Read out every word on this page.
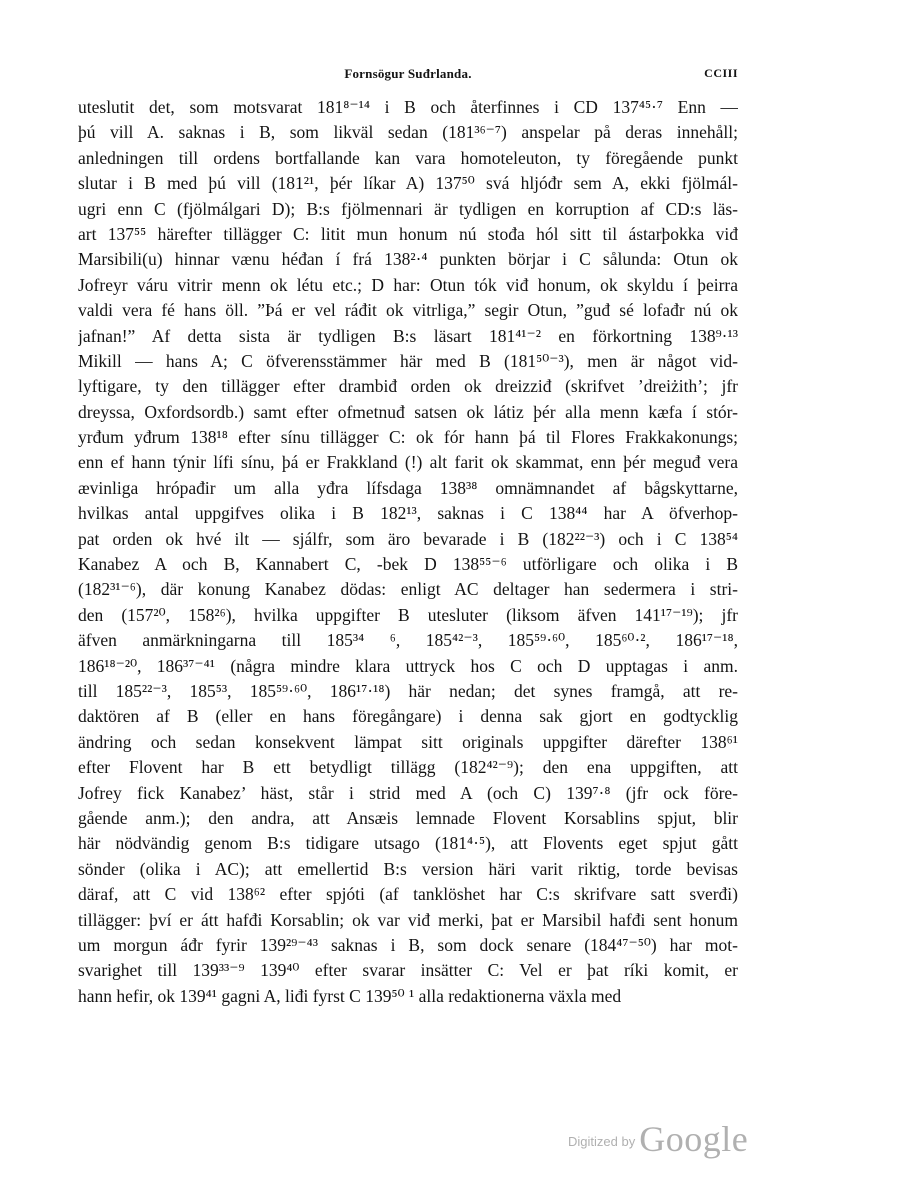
Fornsögur Suđrlanda.	CCIII
uteslutit det, som motsvarat 181⁸⁻¹⁴ i B och återfinnes i CD 137⁴⁵·⁷ Enn —
þú vill A. saknas i B, som likväl sedan (181³⁶⁻⁷) anspelar på deras innehåll;
anledningen till ordens bortfallande kan vara homoteleuton, ty föregående punkt
slutar i B med þú vill (181²¹, þér líkar A) 137⁵⁰ svá hljóđr sem A, ekki fjölmál-
ugri enn C (fjölmálgari D); B:s fjölmennari är tydligen en korruption af CD:s läs-
art 137⁵⁵ härefter tillägger C: litit mun honum nú stođa hól sitt til ástarþokka viđ
Marsibili(u) hinnar vænu héđan í frá 138²·⁴ punkten börjar i C sålunda: Otun ok
Jofreyr váru vitrir menn ok létu etc.; D har: Otun tók viđ honum, ok skyldu í þeirra
valdi vera fé hans öll. ”Þá er vel ráđit ok vitrliga,” segir Otun, ”guđ sé lofađr nú ok
jafnan!” Af detta sista är tydligen B:s läsart 181⁴¹⁻² en förkortning 138⁹·¹³
Mikill — hans A; C öfverensstämmer här med B (181⁵⁰⁻³), men är något vid-
lyftigare, ty den tillägger efter drambiđ orden ok dreizziđ (skrifvet ’dreiżith’; jfr
dreyssa, Oxfordsordb.) samt efter ofmetnuđ satsen ok látiz þér alla menn kæfa í stór-
yrđum yđrum 138¹⁸ efter sínu tillägger C: ok fór hann þá til Flores Frakkakonungs;
enn ef hann týnir lífi sínu, þá er Frakkland (!) alt farit ok skammat, enn þér meguđ vera
ævinliga hrópađir um alla yđra lífsdaga 138³⁸ omnämnandet af bågskyttarne,
hvilkas antal uppgifves olika i B 182¹³, saknas i C 138⁴⁴ har A öfverhop-
pat orden ok hvé ilt — sjálfr, som äro bevarade i B (182²²⁻³) och i C 138⁵⁴
Kanabez A och B, Kannabert C, -bek D 138⁵⁵⁻⁶ utförligare och olika i B
(182³¹⁻⁶), där konung Kanabez dödas: enligt AC deltager han sedermera i stri-
den (157²⁰, 158²⁶), hvilka uppgifter B utesluter (liksom äfven 141¹⁷⁻¹⁹); jfr
äfven anmärkningarna till 185³⁴ ⁶, 185⁴²⁻³, 185⁵⁹·⁶⁰, 185⁶⁰·², 186¹⁷⁻¹⁸,
186¹⁸⁻²⁰, 186³⁷⁻⁴¹ (några mindre klara uttryck hos C och D upptagas i anm.
till 185²²⁻³, 185⁵³, 185⁵⁹·⁶⁰, 186¹⁷·¹⁸) här nedan; det synes framgå, att re-
daktören af B (eller en hans föregångare) i denna sak gjort en godtycklig
ändring och sedan konsekvent lämpat sitt originals uppgifter därefter 138⁶¹
efter Flovent har B ett betydligt tillägg (182⁴²⁻⁹); den ena uppgiften, att
Jofrey fick Kanabez’ häst, står i strid med A (och C) 139⁷·⁸ (jfr ock före-
gående anm.); den andra, att Ansæis lemnade Flovent Korsablins spjut, blir
här nödvändig genom B:s tidigare utsago (181⁴·⁵), att Flovents eget spjut gått
sönder (olika i AC); att emellertid B:s version häri varit riktig, torde bevisas
däraf, att C vid 138⁶² efter spjóti (af tanklöshet har C:s skrifvare satt sverđi)
tillägger: því er átt hafđi Korsablin; ok var viđ merki, þat er Marsibil hafđi sent honum
um morgun áđr fyrir 139²⁹⁻⁴³ saknas i B, som dock senare (184⁴⁷⁻⁵⁰) har mot-
svarighet till 139³³⁻⁹ 139⁴⁰ efter svarar insätter C: Vel er þat ríki komit, er
hann hefir, ok 139⁴¹ gagni A, liđi fyrst C 139⁵⁰ ¹ alla redaktionerna växla med
$^{Digitized by}$ Google
